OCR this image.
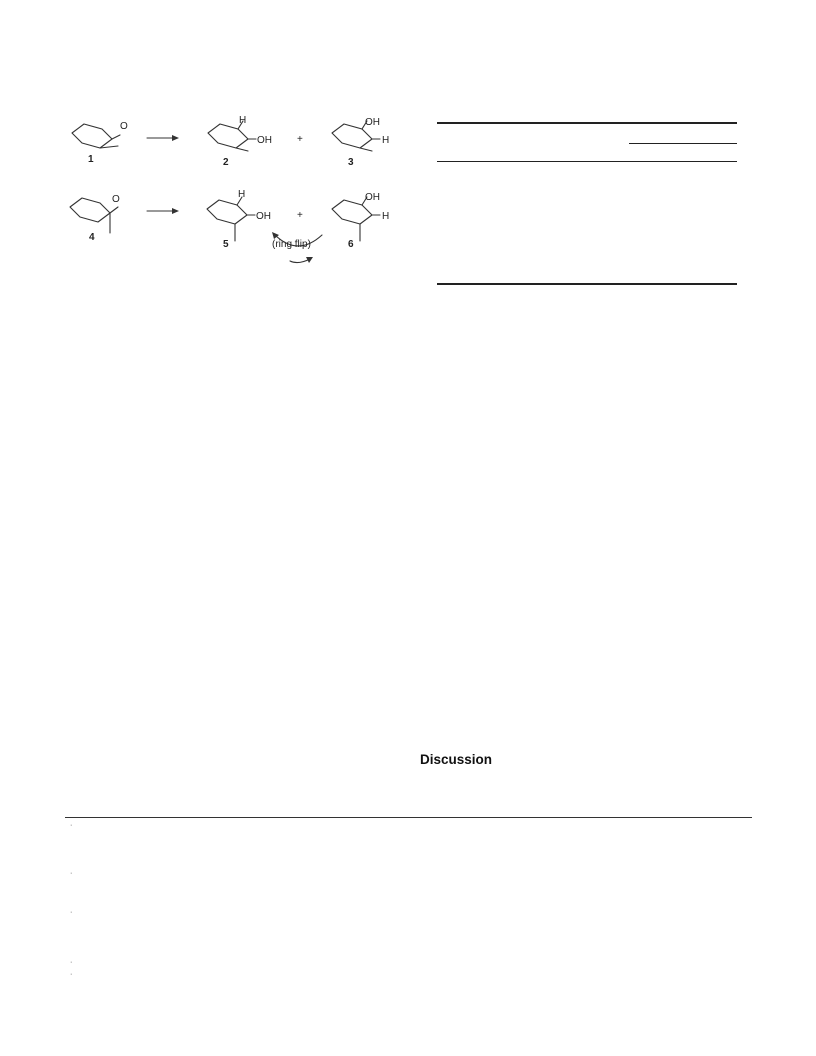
O
1
H
OH
2
+
OH
H
3
O
4
H
OH
5
+
OH
H
6
(ring flip)
Discussion
·
·
·
·
·
